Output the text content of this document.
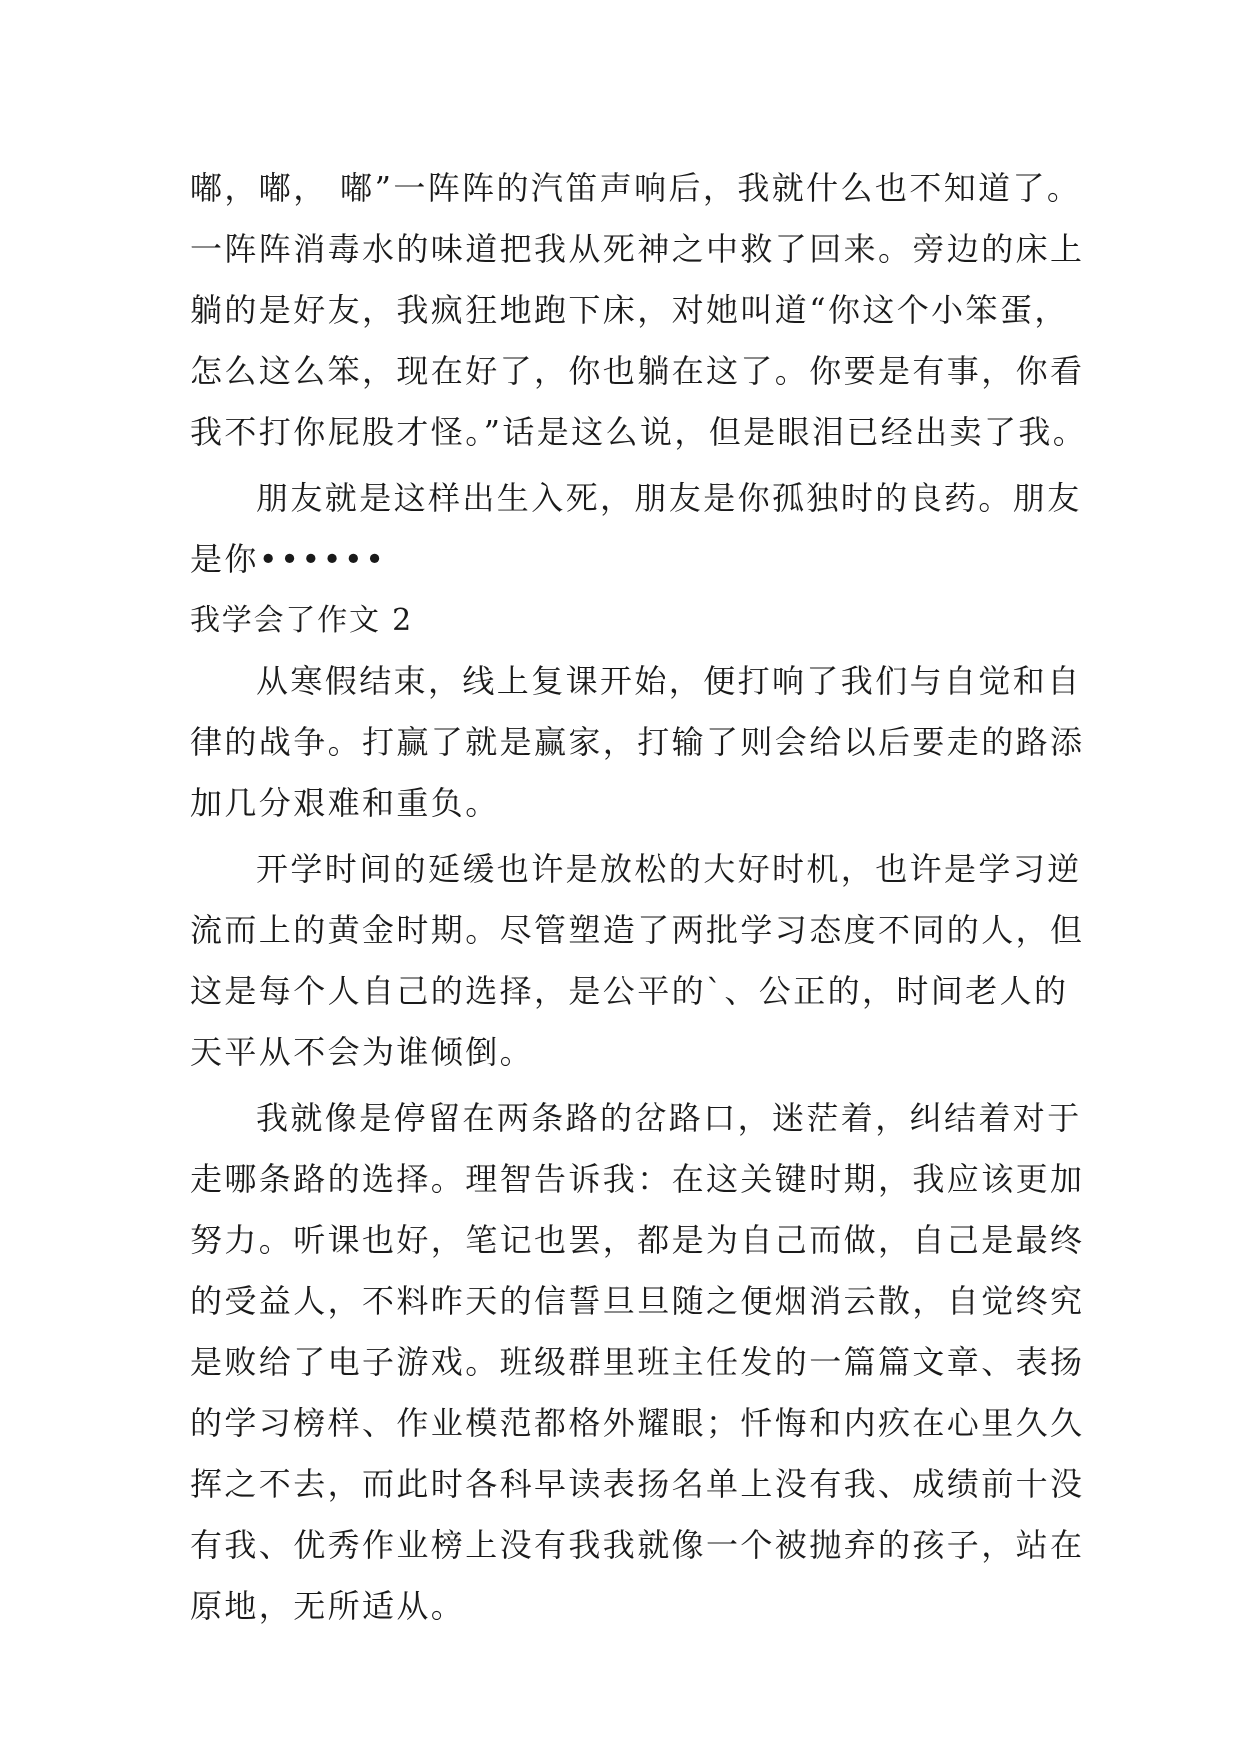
嘟，嘟， 嘟”一阵阵的汽笛声响后，我就什么也不知道了。
一阵阵消毒水的味道把我从死神之中救了回来。旁边的床上
躺的是好友，我疯狂地跑下床，对她叫道“你这个小笨蛋，
怎么这么笨，现在好了，你也躺在这了。你要是有事，你看
我不打你屁股才怪。”话是这么说，但是眼泪已经出卖了我。
朋友就是这样出生入死，朋友是你孤独时的良药。朋友
是你••••••
我学会了作文 2
从寒假结束，线上复课开始，便打响了我们与自觉和自
律的战争。打赢了就是赢家，打输了则会给以后要走的路添
加几分艰难和重负。
开学时间的延缓也许是放松的大好时机，也许是学习逆
流而上的黄金时期。尽管塑造了两批学习态度不同的人，但
这是每个人自己的选择，是公平的`、公正的，时间老人的
天平从不会为谁倾倒。
我就像是停留在两条路的岔路口，迷茫着，纠结着对于
走哪条路的选择。理智告诉我：在这关键时期，我应该更加
努力。听课也好，笔记也罢，都是为自己而做，自己是最终
的受益人，不料昨天的信誓旦旦随之便烟消云散，自觉终究
是败给了电子游戏。班级群里班主任发的一篇篇文章、表扬
的学习榜样、作业模范都格外耀眼；忏悔和内疚在心里久久
挥之不去，而此时各科早读表扬名单上没有我、成绩前十没
有我、优秀作业榜上没有我我就像一个被抛弃的孩子，站在
原地，无所适从。
